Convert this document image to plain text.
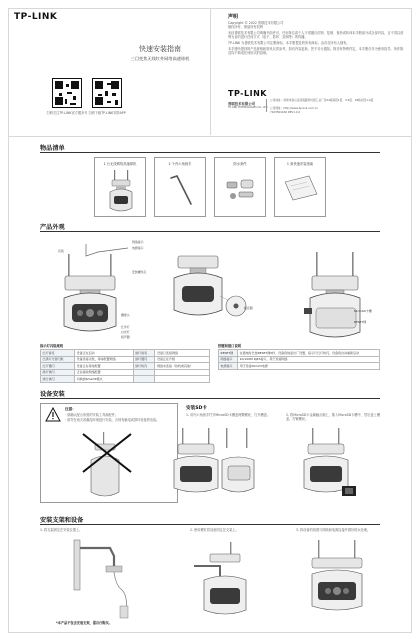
TP-LINK
快速安装指南
三目变焦无线红外网络高速球机
扫码关注TP-LINK官方服务号 扫码下载TP-LINK安防APP
声明
Copyright © 2022 普联技术有限公司
版权所有，保留所有权利
未经普联技术有限公司明确书面许可，任何单位或个人不得擅自仿制、复制、誊抄或转译本手册部分或全部内容，且不得以营利为目的进行任何方式（电子、影印、录制等）的传播。
TP-LINK 为普联技术有限公司注册商标。本手册提及的所有商标，由各自所有人拥有。
本手册所提到的产品规格和资讯仅供参考，如有内容更新，恕不另行通知。除非有特殊约定，本手册仅作为使用指导，所作陈述均不构成任何形式的担保。
TP-LINK
普联技术有限公司
TP-LINK TECHNOLOGIES CO., LTD.
公司地址：深圳市南山区深南路科技园工业厂房24栋南段1层、3-5层、28栋北段1-4层
公司网址：http://www.tp-link.com.cn
7103504160 REV1.0.0
物品清单
1 台无线网络高速球机	1 个内六角扳手	防水套件	1 套快速安装指南
产品外观
网络接口
电源接口
有线
安装螺纹孔
摄像头
红外灯
白光灯
扬声器
拾音器
MicroSD卡槽
RESET键
指示灯闪烁规则
红灯常亮	设备正在启动	绿灯常亮	设备已连接网络
红绿灯交替闪烁	设备连接失败，等待配置网络	绿灯慢闪	设备正在升级
红灯慢闪	设备正在等待配置	绿灯快闪	网络未连接（待机或其他）
绿灯快闪	正在接收网络配置		
绿红快闪	切换到SmartP模式		
按键和接口说明
RESET键	在通电时长按RESET键5秒，设备将恢复出厂设置，指示灯红灯快闪，设备将自动重新启动
网络接口	10/100M RJ45接口，用于连接网络
电源接口	用于连接DC12V电源
设备安装
注意：
· 请确认配合所需的安装工具和配件。
· 请勿在雨天或潮湿环境进行安装，否则有触电或损坏设备的危险。
安装SD卡
1. 用内六角扳手拧开MicroSD卡槽盖两颗螺丝，打开槽盖。	2. 将MicroSD卡金属触点朝上，插入MicroSD卡槽中，然后盖上槽盖，拧紧螺丝。
安装支架和设备
1. 将支架固定在安装位置上。	2. 使用螺钉将设备固定在支架上。	3. 将设备的线缆与网线和电源连接并做好防水处理。
*本产品不包含安装支架，需自行购买。
